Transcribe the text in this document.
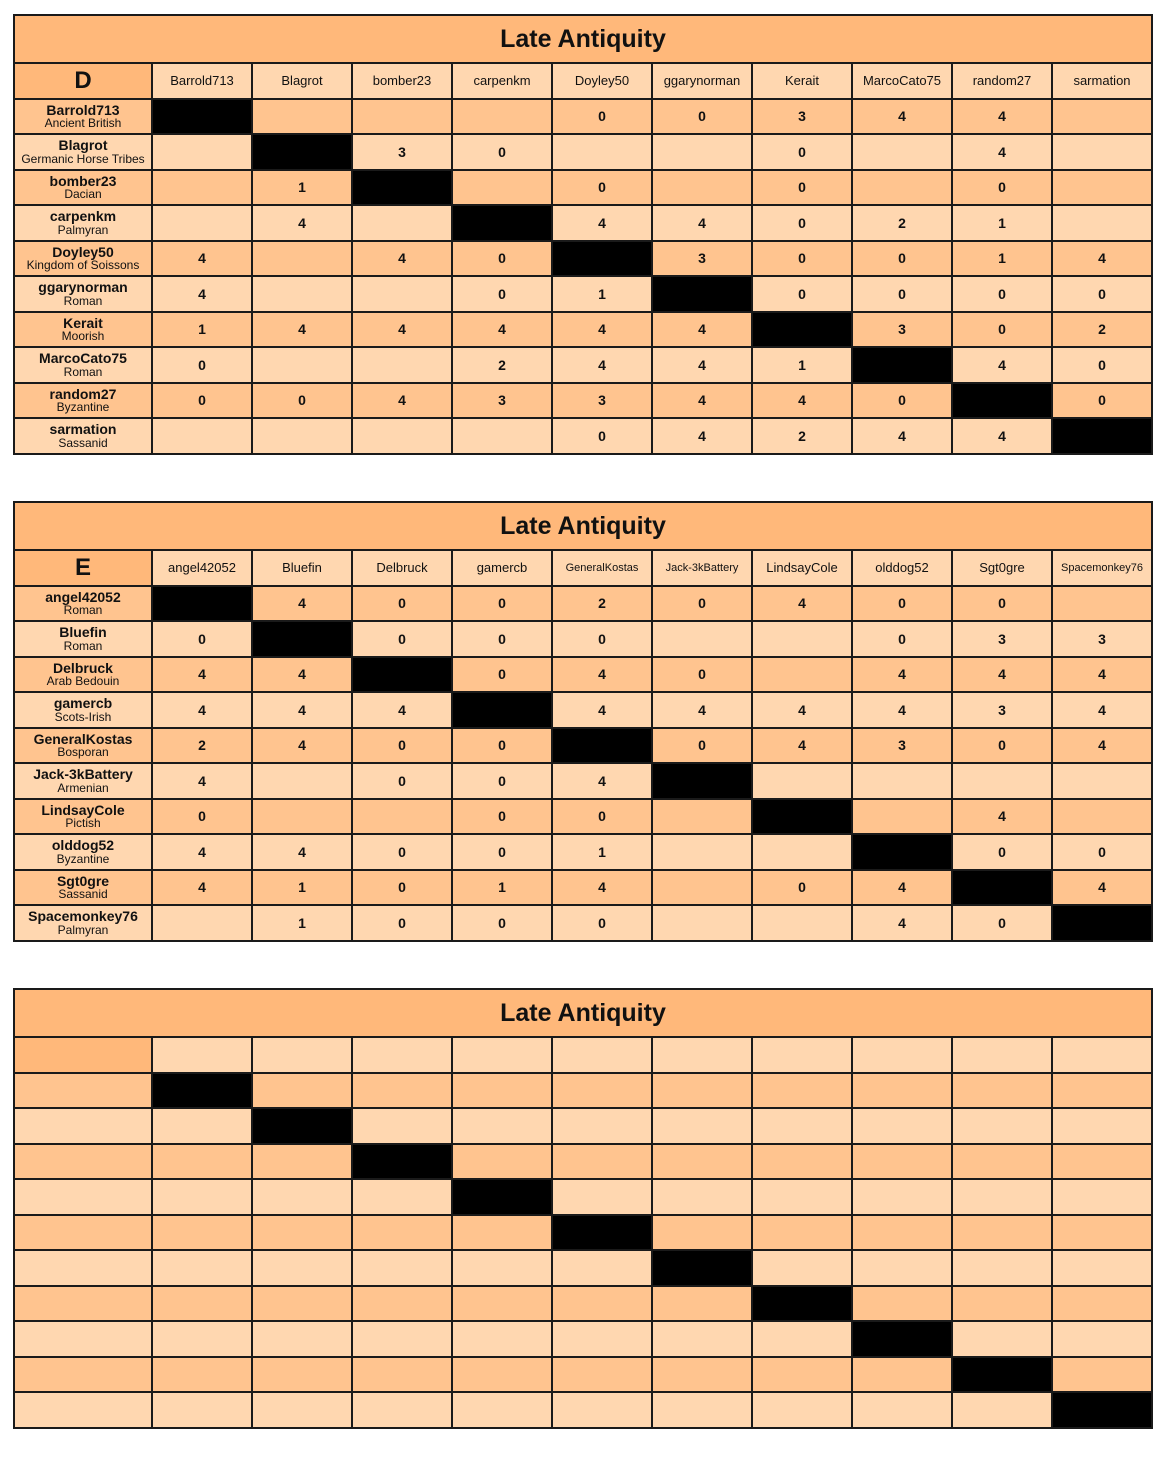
Late Antiquity
D	Barrold713	Blagrot	bomber23	carpenkm	Doyley50	ggarynorman	Kerait	MarcoCato75	random27	sarmation

Barrold713
Ancient British					0	0	3	4	4	

Blagrot
Germanic Horse Tribes			3	0			0		4	

bomber23
Dacian		1			0		0		0	

carpenkm
Palmyran		4			4	4	0	2	1	

Doyley50
Kingdom of Soissons	4		4	0		3	0	0	1	4

ggarynorman
Roman	4			0	1		0	0	0	0

Kerait
Moorish	1	4	4	4	4	4		3	0	2

MarcoCato75
Roman	0			2	4	4	1		4	0

random27
Byzantine	0	0	4	3	3	4	4	0		0

sarmation
Sassanid					0	4	2	4	4	
Late Antiquity
E	angel42052	Bluefin	Delbruck	gamercb	GeneralKostas	Jack-3kBattery	LindsayCole	olddog52	Sgt0gre	Spacemonkey76

angel42052
Roman		4	0	0	2	0	4	0	0	

Bluefin
Roman	0		0	0	0			0	3	3

Delbruck
Arab Bedouin	4	4		0	4	0		4	4	4

gamercb
Scots-Irish	4	4	4		4	4	4	4	3	4

GeneralKostas
Bosporan	2	4	0	0		0	4	3	0	4

Jack-3kBattery
Armenian	4		0	0	4					

LindsayCole
Pictish	0			0	0				4	

olddog52
Byzantine	4	4	0	0	1				0	0

Sgt0gre
Sassanid	4	1	0	1	4		0	4		4

Spacemonkey76
Palmyran		1	0	0	0			4	0	
Late Antiquity
